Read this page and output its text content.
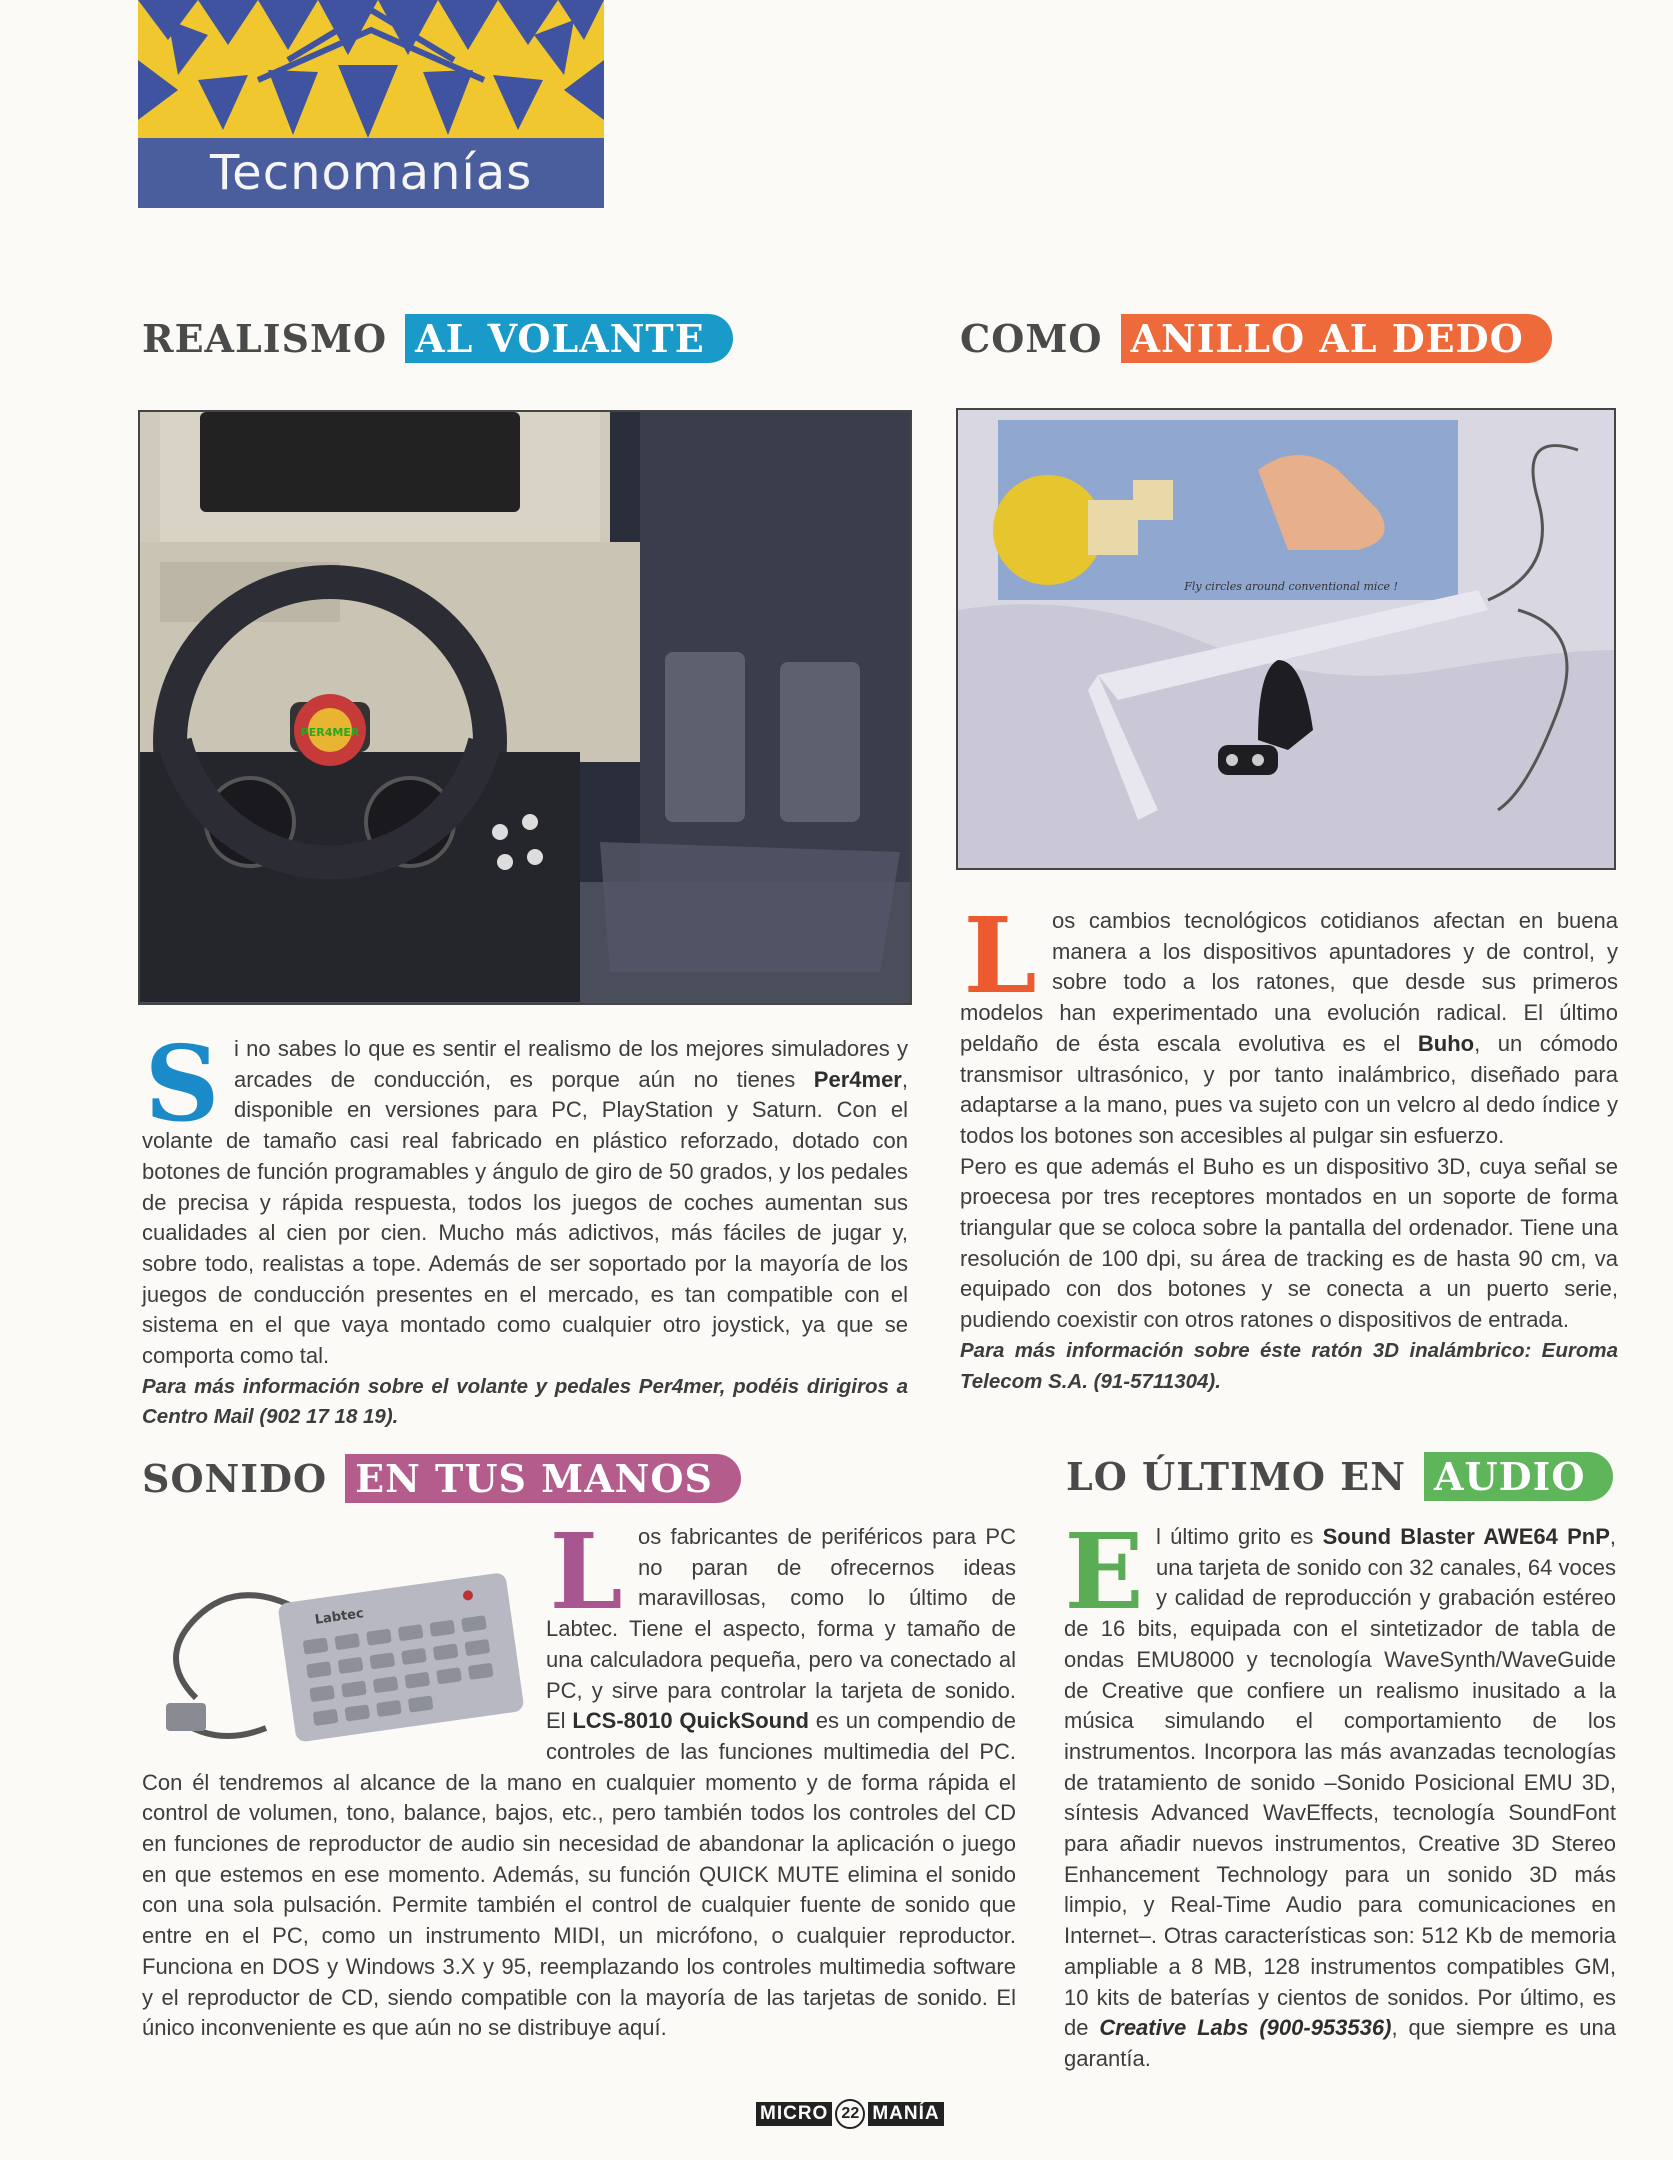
Tecnomanías
REALISMO AL VOLANTE
PER4MER
S i no sabes lo que es sentir el realismo de los mejores simuladores y arcades de conducción, es porque aún no tienes Per4mer, disponible en versiones para PC, PlayStation y Saturn. Con el volante de tamaño casi real fabricado en plástico reforzado, dotado con botones de función programables y ángulo de giro de 50 grados, y los pedales de precisa y rápida respuesta, todos los juegos de coches aumentan sus cualidades al cien por cien. Mucho más adictivos, más fáciles de jugar y, sobre todo, realistas a tope. Además de ser soportado por la mayoría de los juegos de conducción presentes en el mercado, es tan compatible con el sistema en el que vaya montado como cualquier otro joystick, ya que se comporta como tal.

Para más información sobre el volante y pedales Per4mer, podéis dirigiros a Centro Mail (902 17 18 19).

COMO ANILLO AL DEDO
Fly circles around conventional mice !
L os cambios tecnológicos cotidianos afectan en buena manera a los dispositivos apuntadores y de control, y sobre todo a los ratones, que desde sus primeros modelos han experimentado una evolución radical. El último peldaño de ésta escala evolutiva es el Buho, un cómodo transmisor ultrasónico, y por tanto inalámbrico, diseñado para adaptarse a la mano, pues va sujeto con un velcro al dedo índice y todos los botones son accesibles al pulgar sin esfuerzo.

Pero es que además el Buho es un dispositivo 3D, cuya señal se proecesa por tres receptores montados en un soporte de forma triangular que se coloca sobre la pantalla del ordenador. Tiene una resolución de 100 dpi, su área de tracking es de hasta 90 cm, va equipado con dos botones y se conecta a un puerto serie, pudiendo coexistir con otros ratones o dispositivos de entrada.

Para más información sobre éste ratón 3D inalámbrico: Euroma Telecom S.A. (91-5711304).

SONIDO EN TUS MANOS
Labtec L os fabricantes de periféricos para PC no paran de ofrecernos ideas maravillosas, como lo último de Labtec. Tiene el aspecto, forma y tamaño de una calculadora pequeña, pero va conectado al PC, y sirve para controlar la tarjeta de sonido. El LCS-8010 QuickSound es un compendio de controles de las funciones multimedia del PC. Con él tendremos al alcance de la mano en cualquier momento y de forma rápida el control de volumen, tono, balance, bajos, etc., pero también todos los controles del CD en funciones de reproductor de audio sin necesidad de abandonar la aplicación o juego en que estemos en ese momento. Además, su función QUICK MUTE elimina el sonido con una sola pulsación. Permite también el control de cualquier fuente de sonido que entre en el PC, como un instrumento MIDI, un micrófono, o cualquier reproductor. Funciona en DOS y Windows 3.X y 95, reemplazando los controles multimedia software y el reproductor de CD, siendo compatible con la mayoría de las tarjetas de sonido. El único inconveniente es que aún no se distribuye aquí.

LO ÚLTIMO EN AUDIO
E l último grito es Sound Blaster AWE64 PnP, una tarjeta de sonido con 32 canales, 64 voces y calidad de reproducción y grabación estéreo de 16 bits, equipada con el sintetizador de tabla de ondas EMU8000 y tecnología WaveSynth/WaveGuide de Creative que confiere un realismo inusitado a la música simulando el comportamiento de los instrumentos. Incorpora las más avanzadas tecnologías de tratamiento de sonido –Sonido Posicional EMU 3D, síntesis Advanced WavEffects, tecnología SoundFont para añadir nuevos instrumentos, Creative 3D Stereo Enhancement Technology para un sonido 3D más limpio, y Real-Time Audio para comunicaciones en Internet–. Otras características son: 512 Kb de memoria ampliable a 8 MB, 128 instrumentos compatibles GM, 10 kits de baterías y cientos de sonidos. Por último, es de Creative Labs (900-953536), que siempre es una garantía.

MICRO 22 MANÍA
